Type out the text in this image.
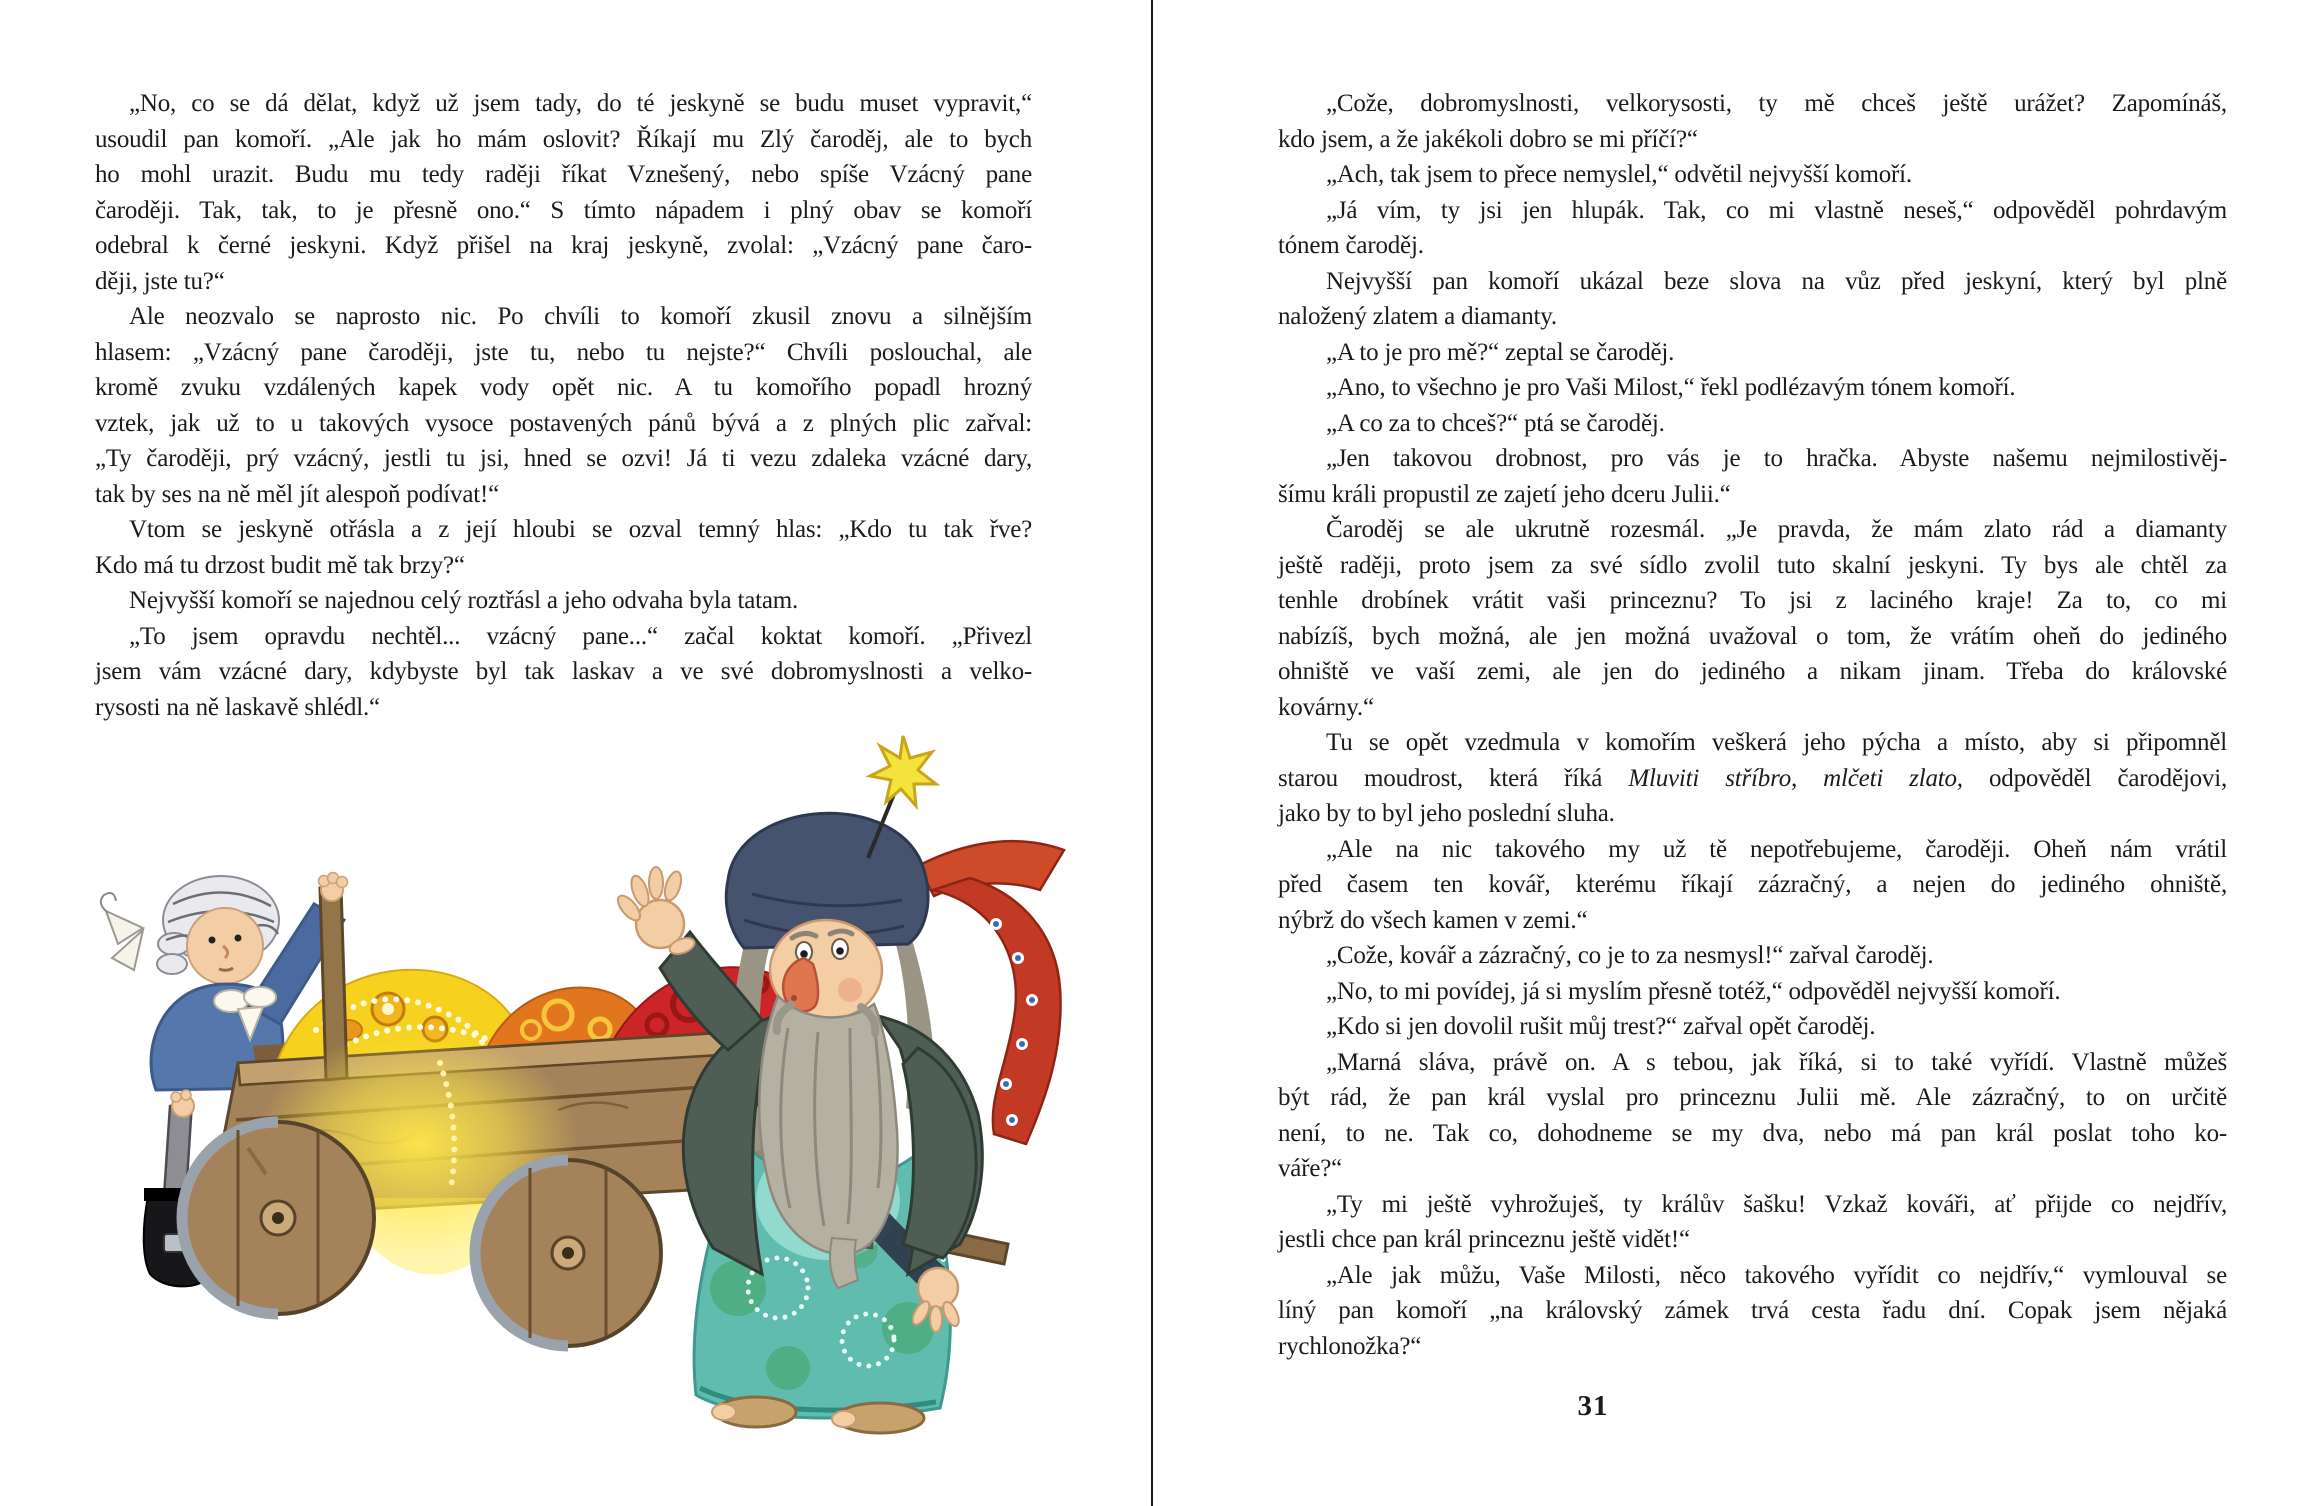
„No, co se dá dělat, když už jsem tady, do té jeskyně se budu muset vypravit,“
usoudil pan komoří. „Ale jak ho mám oslovit? Říkají mu Zlý čaroděj, ale to bych
ho mohl urazit. Budu mu tedy raději říkat Vznešený, nebo spíše Vzácný pane
čaroději. Tak, tak, to je přesně ono.“ S tímto nápadem i plný obav se komoří
odebral k černé jeskyni. Když přišel na kraj jeskyně, zvolal: „Vzácný pane čaro-
ději, jste tu?“
Ale neozvalo se naprosto nic. Po chvíli to komoří zkusil znovu a silnějším
hlasem: „Vzácný pane čaroději, jste tu, nebo tu nejste?“ Chvíli poslouchal, ale
kromě zvuku vzdálených kapek vody opět nic. A tu komořího popadl hrozný
vztek, jak už to u takových vysoce postavených pánů bývá a z plných plic zařval:
„Ty čaroději, prý vzácný, jestli tu jsi, hned se ozvi! Já ti vezu zdaleka vzácné dary,
tak by ses na ně měl jít alespoň podívat!“
Vtom se jeskyně otřásla a z její hloubi se ozval temný hlas: „Kdo tu tak řve?
Kdo má tu drzost budit mě tak brzy?“
Nejvyšší komoří se najednou celý roztřásl a jeho odvaha byla tatam.
„To jsem opravdu nechtěl... vzácný pane...“ začal koktat komoří. „Přivezl
jsem vám vzácné dary, kdybyste byl tak laskav a ve své dobromyslnosti a velko-
rysosti na ně laskavě shlédl.“
„Cože, dobromyslnosti, velkorysosti, ty mě chceš ještě urážet? Zapomínáš,
kdo jsem, a že jakékoli dobro se mi příčí?“
„Ach, tak jsem to přece nemyslel,“ odvětil nejvyšší komoří.
„Já vím, ty jsi jen hlupák. Tak, co mi vlastně neseš,“ odpověděl pohrdavým
tónem čaroděj.
Nejvyšší pan komoří ukázal beze slova na vůz před jeskyní, který byl plně
naložený zlatem a diamanty.
„A to je pro mě?“ zeptal se čaroděj.
„Ano, to všechno je pro Vaši Milost,“ řekl podlézavým tónem komoří.
„A co za to chceš?“ ptá se čaroděj.
„Jen takovou drobnost, pro vás je to hračka. Abyste našemu nejmilostivěj-
šímu králi propustil ze zajetí jeho dceru Julii.“
Čaroděj se ale ukrutně rozesmál. „Je pravda, že mám zlato rád a diamanty
ještě raději, proto jsem za své sídlo zvolil tuto skalní jeskyni. Ty bys ale chtěl za
tenhle drobínek vrátit vaši princeznu? To jsi z laciného kraje! Za to, co mi
nabízíš, bych možná, ale jen možná uvažoval o tom, že vrátím oheň do jediného
ohniště ve vaší zemi, ale jen do jediného a nikam jinam. Třeba do královské
kovárny.“
Tu se opět vzedmula v komořím veškerá jeho pýcha a místo, aby si připomněl
starou moudrost, která říká Mluviti stříbro, mlčeti zlato, odpověděl čarodějovi,
jako by to byl jeho poslední sluha.
„Ale na nic takového my už tě nepotřebujeme, čaroději. Oheň nám vrátil
před časem ten kovář, kterému říkají zázračný, a nejen do jediného ohniště,
nýbrž do všech kamen v zemi.“
„Cože, kovář a zázračný, co je to za nesmysl!“ zařval čaroděj.
„No, to mi povídej, já si myslím přesně totéž,“ odpověděl nejvyšší komoří.
„Kdo si jen dovolil rušit můj trest?“ zařval opět čaroděj.
„Marná sláva, právě on. A s tebou, jak říká, si to také vyřídí. Vlastně můžeš
být rád, že pan král vyslal pro princeznu Julii mě. Ale zázračný, to on určitě
není, to ne. Tak co, dohodneme se my dva, nebo má pan král poslat toho ko-
váře?“
„Ty mi ještě vyhrožuješ, ty králův šašku! Vzkaž kováři, ať přijde co nejdřív,
jestli chce pan král princeznu ještě vidět!“
„Ale jak můžu, Vaše Milosti, něco takového vyřídit co nejdřív,“ vymlouval se
líný pan komoří „na královský zámek trvá cesta řadu dní. Copak jsem nějaká
rychlonožka?“
31
